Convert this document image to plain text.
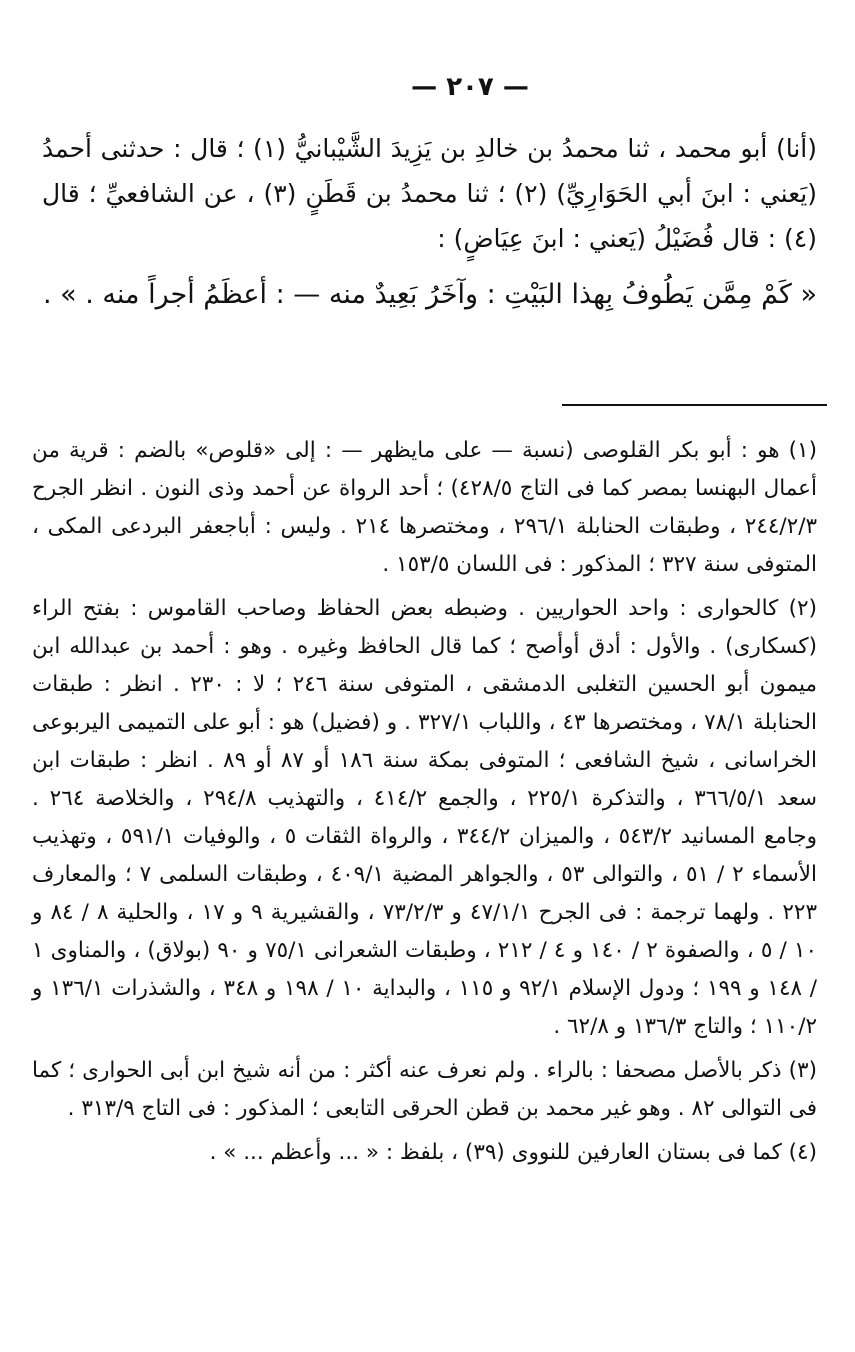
— ٢٠٧ —

(أنا) أبو محمد ، ثنا محمدُ بن خالدِ بن يَزِيدَ الشَّيْبانيُّ (١) ؛ قال : حدثنى أحمدُ (يَعني : ابنَ أبي الحَوَارِيِّ) (٢) ؛ ثنا محمدُ بن قَطَنٍ (٣) ، عن الشافعيِّ ؛ قال (٤) : قال فُضَيْلُ (يَعني : ابنَ عِيَاضٍ) :

« كَمْ مِمَّن يَطُوفُ بِهذا البَيْتِ : وآخَرُ بَعِيدٌ منه — : أعظَمُ أجراً منه . » .

(١) هو : أبو بكر القلوصى (نسبة — على مايظهر — : إلى «قلوص» بالضم : قرية من أعمال البهنسا بمصر كما فى التاج ٤٢٨/٥) ؛ أحد الرواة عن أحمد وذى النون . انظر الجرح ٢٤٤/٢/٣ ، وطبقات الحنابلة ٢٩٦/١ ، ومختصرها ٢١٤ . وليس : أباجعفر البردعى المكى ، المتوفى سنة ٣٢٧ ؛ المذكور : فى اللسان ١٥٣/٥ .

(٢) كالحوارى : واحد الحواريين . وضبطه بعض الحفاظ وصاحب القاموس : بفتح الراء (كسكارى) . والأول : أدق أوأصح ؛ كما قال الحافظ وغيره . وهو : أحمد بن عبدالله ابن ميمون أبو الحسين التغلبى الدمشقى ، المتوفى سنة ٢٤٦ ؛ لا : ٢٣٠ . انظر : طبقات الحنابلة ٧٨/١ ، ومختصرها ٤٣ ، واللباب ٣٢٧/١ . و (فضيل) هو : أبو على التميمى اليربوعى الخراسانى ، شيخ الشافعى ؛ المتوفى بمكة سنة ١٨٦ أو ٨٧ أو ٨٩ . انظر : طبقات ابن سعد ٣٦٦/٥/١ ، والتذكرة ٢٢٥/١ ، والجمع ٤١٤/٢ ، والتهذيب ٢٩٤/٨ ، والخلاصة ٢٦٤ . وجامع المسانيد ٥٤٣/٢ ، والميزان ٣٤٤/٢ ، والرواة الثقات ٥ ، والوفيات ٥٩١/١ ، وتهذيب الأسماء ٢ / ٥١ ، والتوالى ٥٣ ، والجواهر المضية ٤٠٩/١ ، وطبقات السلمى ٧ ؛ والمعارف ٢٢٣ . ولهما ترجمة : فى الجرح ٤٧/١/١ و ٧٣/٢/٣ ، والقشيرية ٩ و ١٧ ، والحلية ٨ / ٨٤ و ١٠ / ٥ ، والصفوة ٢ / ١٤٠ و ٤ / ٢١٢ ، وطبقات الشعرانى ٧٥/١ و ٩٠ (بولاق) ، والمناوى ١ / ١٤٨ و ١٩٩ ؛ ودول الإسلام ٩٢/١ و ١١٥ ، والبداية ١٠ / ١٩٨ و ٣٤٨ ، والشذرات ١٣٦/١ و ١١٠/٢ ؛ والتاج ١٣٦/٣ و ٦٢/٨ .

(٣) ذكر بالأصل مصحفا : بالراء . ولم نعرف عنه أكثر : من أنه شيخ ابن أبى الحوارى ؛ كما فى التوالى ٨٢ . وهو غير محمد بن قطن الحرقى التابعى ؛ المذكور : فى التاج ٣١٣/٩ .

(٤) كما فى بستان العارفين للنووى (٣٩) ، بلفظ : « ... وأعظم ... » .
